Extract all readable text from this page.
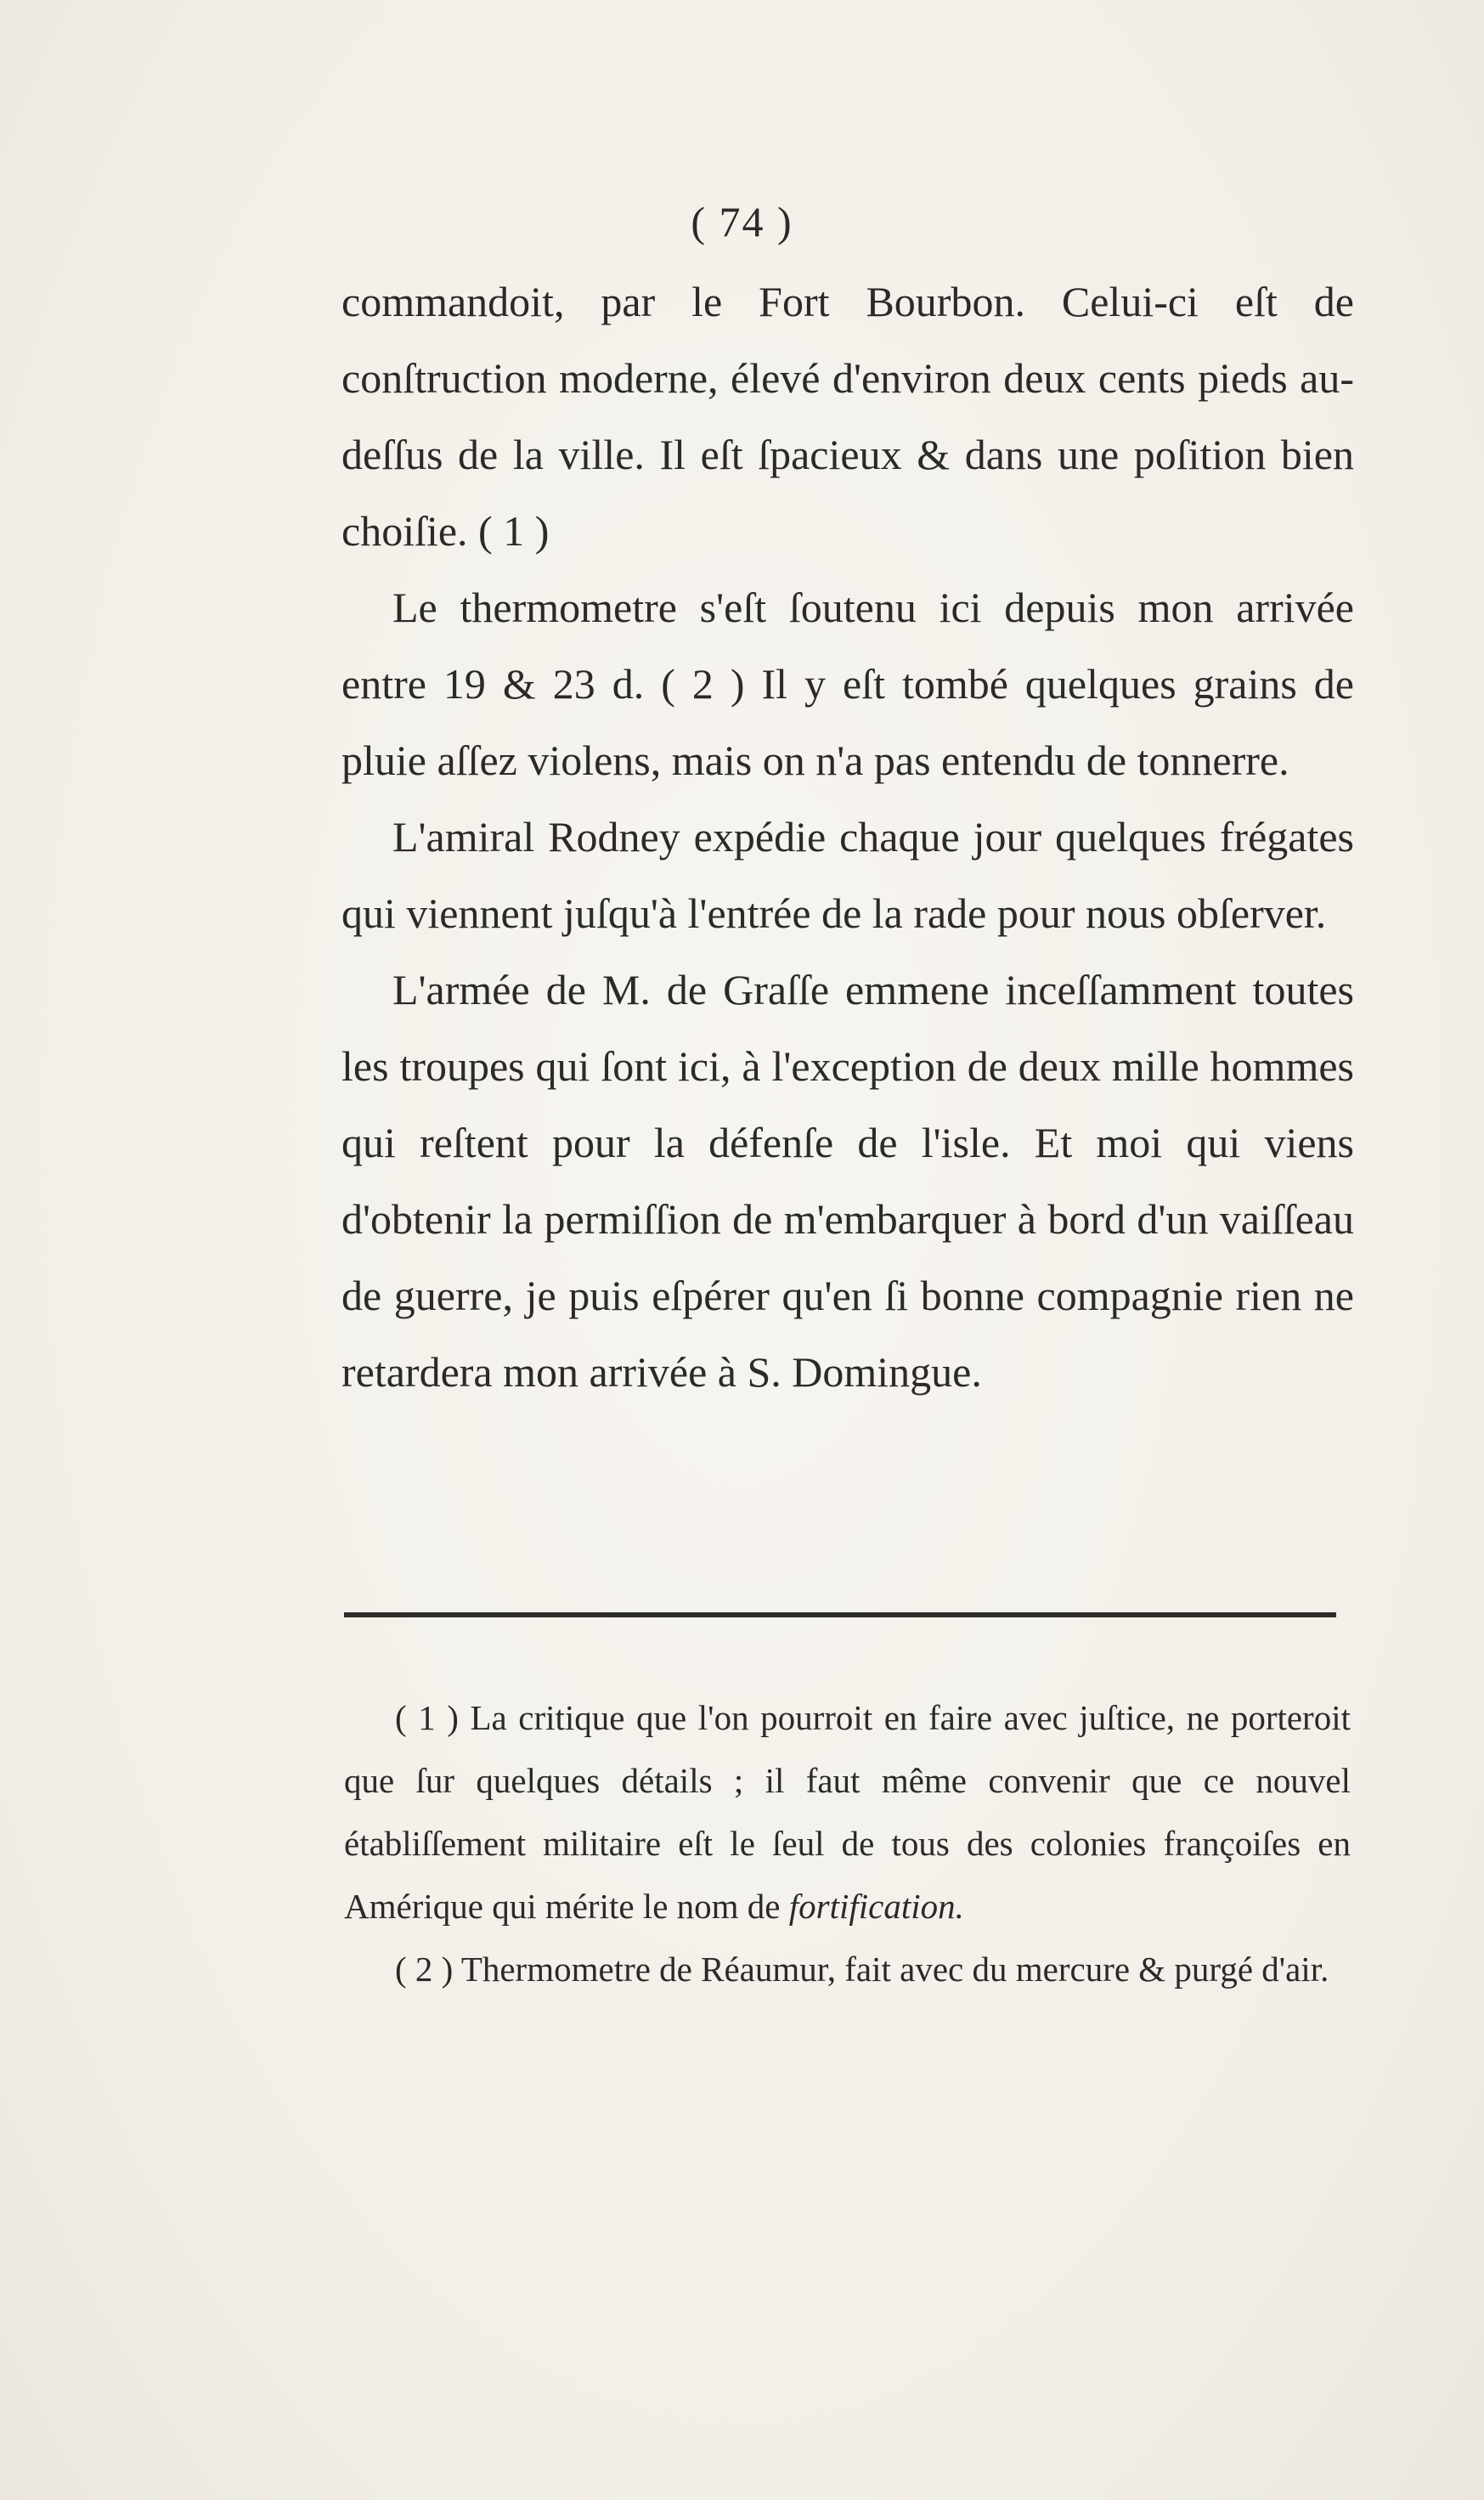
( 74 )

commandoit, par le Fort Bourbon. Celui-ci eſt de conſtruction moderne, élevé d'environ deux cents pieds au-deſſus de la ville. Il eſt ſpacieux & dans une poſition bien choiſie. ( 1 )

Le thermometre s'eſt ſoutenu ici depuis mon arrivée entre 19 & 23 d. ( 2 ) Il y eſt tombé quelques grains de pluie aſſez violens, mais on n'a pas entendu de tonnerre.

L'amiral Rodney expédie chaque jour quelques frégates qui viennent juſqu'à l'entrée de la rade pour nous obſerver.

L'armée de M. de Graſſe emmene inceſſamment toutes les troupes qui ſont ici, à l'exception de deux mille hommes qui reſtent pour la défenſe de l'isle. Et moi qui viens d'obtenir la permiſſion de m'embarquer à bord d'un vaiſſeau de guerre, je puis eſpérer qu'en ſi bonne compagnie rien ne retardera mon arrivée à S. Domingue.

( 1 ) La critique que l'on pourroit en faire avec juſtice, ne porteroit que ſur quelques détails ; il faut même convenir que ce nouvel établiſſement militaire eſt le ſeul de tous des colonies françoiſes en Amérique qui mérite le nom de fortification.

( 2 ) Thermometre de Réaumur, fait avec du mercure & purgé d'air.
